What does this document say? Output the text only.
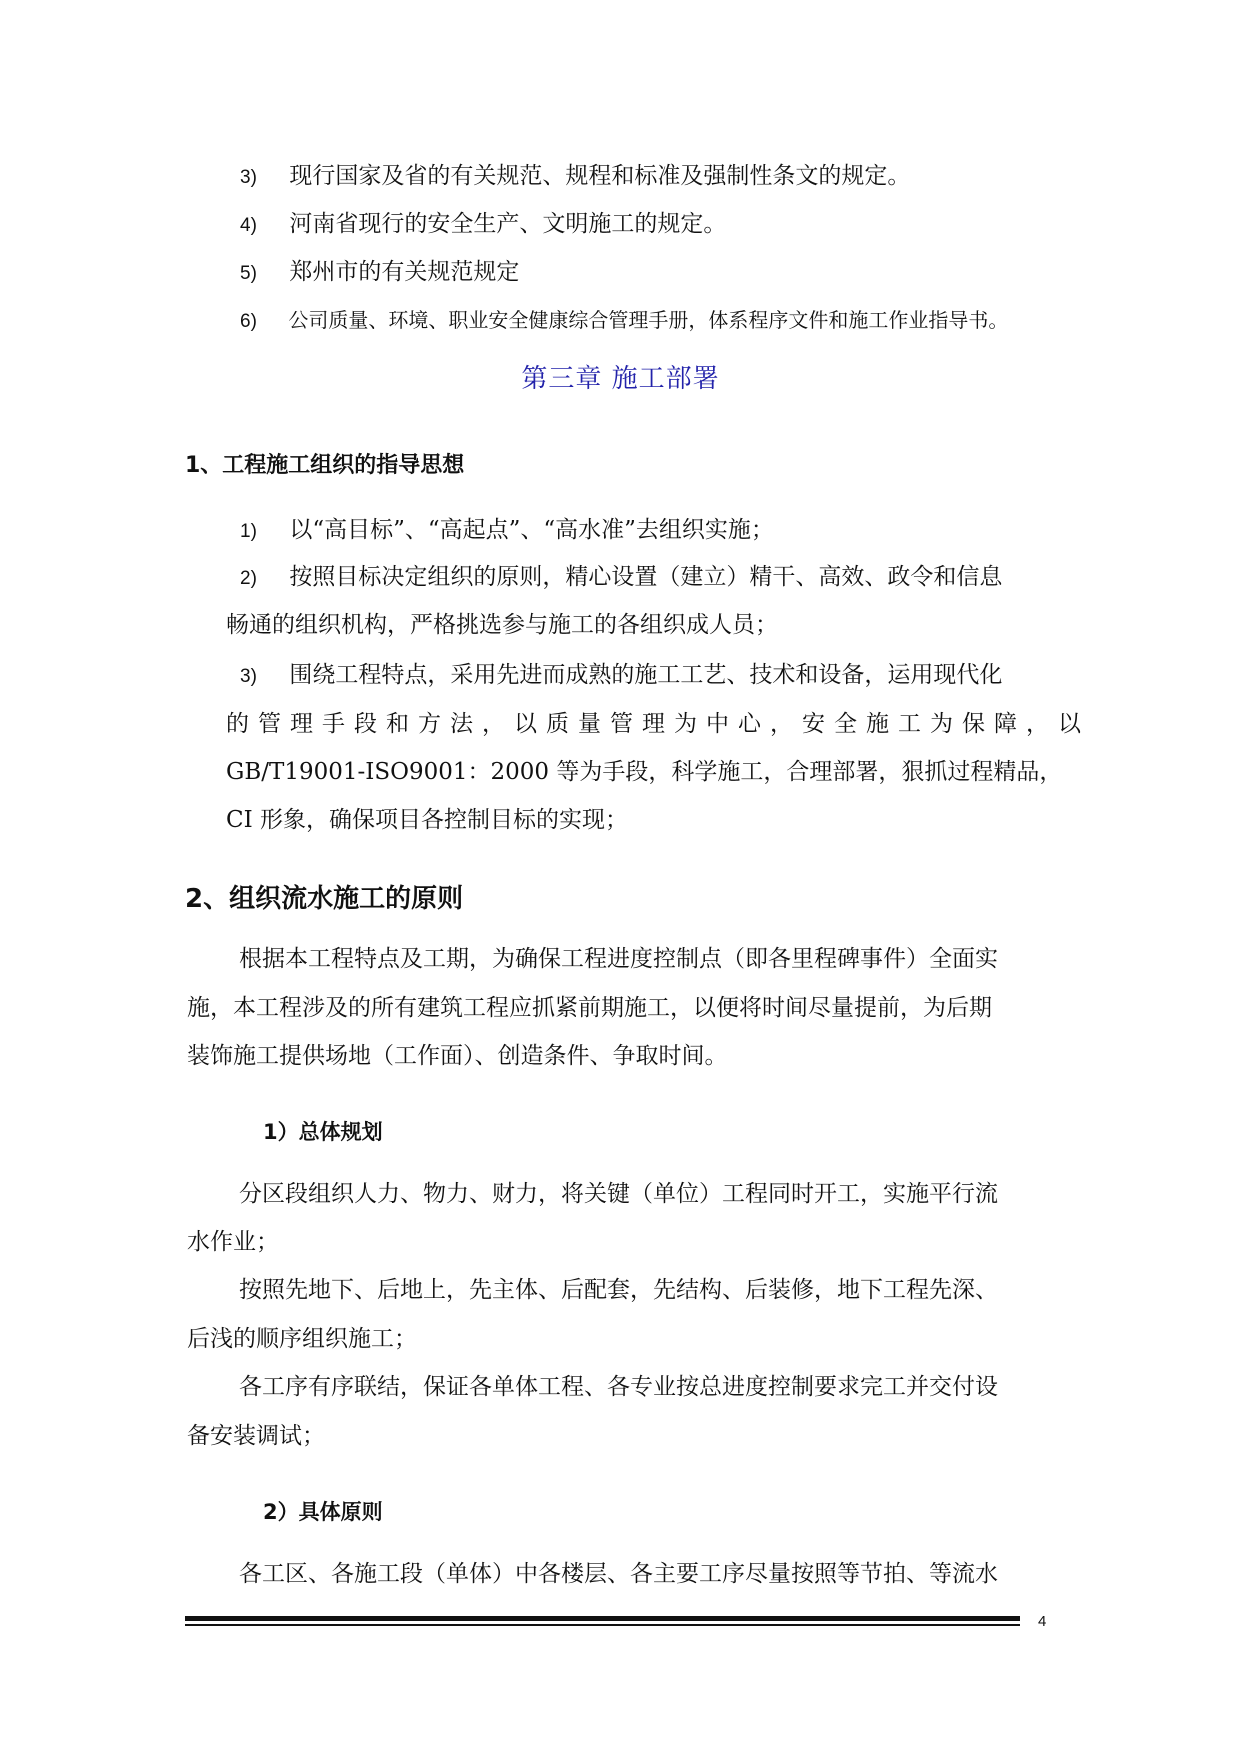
3) 现行国家及省的有关规范、规程和标准及强制性条文的规定。
4) 河南省现行的安全生产、文明施工的规定。
5) 郑州市的有关规范规定
6) 公司质量、环境、职业安全健康综合管理手册，体系程序文件和施工作业指导书。
第三章 施工部署
1、工程施工组织的指导思想
1) 以“高目标”、“高起点”、“高水准”去组织实施；
2) 按照目标决定组织的原则，精心设置（建立）精干、高效、政令和信息
畅通的组织机构，严格挑选参与施工的各组织成人员；
3) 围绕工程特点，采用先进而成熟的施工工艺、技术和设备，运用现代化
的管理手段和方法，以质量管理为中心，安全施工为保障，以
GB/T19001-ISO9001：2000 等为手段，科学施工，合理部署，狠抓过程精品，
CI 形象，确保项目各控制目标的实现；
2、组织流水施工的原则
根据本工程特点及工期，为确保工程进度控制点（即各里程碑事件）全面实
施，本工程涉及的所有建筑工程应抓紧前期施工，以便将时间尽量提前，为后期
装饰施工提供场地（工作面）、创造条件、争取时间。
1）总体规划
分区段组织人力、物力、财力，将关键（单位）工程同时开工，实施平行流
水作业；
按照先地下、后地上，先主体、后配套，先结构、后装修，地下工程先深、
后浅的顺序组织施工；
各工序有序联结，保证各单体工程、各专业按总进度控制要求完工并交付设
备安装调试；
2）具体原则
各工区、各施工段（单体）中各楼层、各主要工序尽量按照等节拍、等流水
4
